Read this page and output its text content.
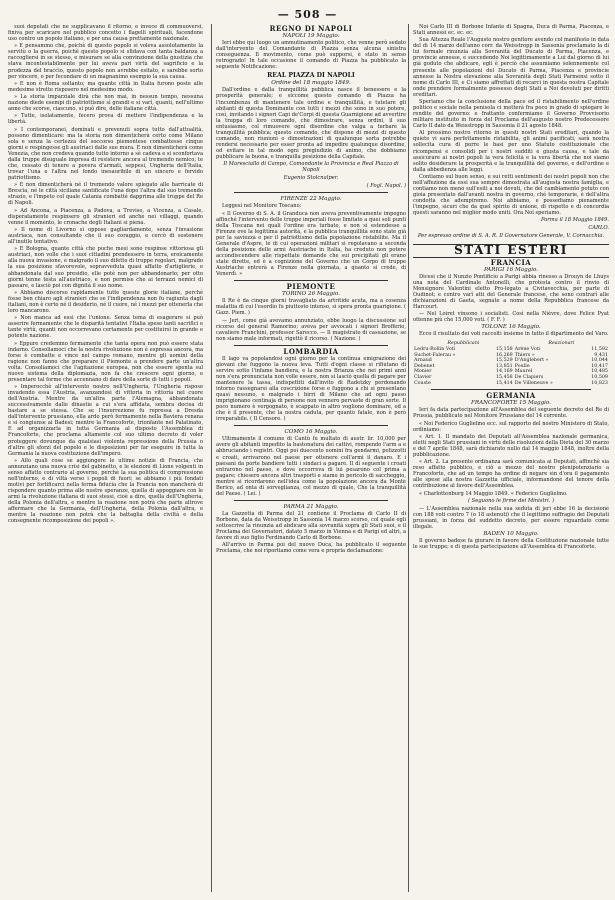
— 508 —

suoi deputati che ne supplicavano il ritorno, e invece di commuoversi, finiva per scaricare nel pubblico concetto i flagelli spirituali, facendone uso contro un popolo italiano, e per una causa prettamente nazionale.

» E pensammo che, poichè di questo popolo si voleva assolutamente la servitù o la guerra, poichè questo popolo si sfidava con tanta baldanza a raccogliersi in se stesso, e misurare se alla convinzione della giustizia che stava incontestabilmente per lui aveva pari virtù del sagrificio e la prodezza del braccio, questo popolo non avrebbe esitato, e sarebbe sorto per vincere, o per fecondare di un magnanimo esempio la sua causa.

» E non è Roma soltanto; ma quante città in Italia furono poste alle medesime strette risposero nel medesimo modo.

» La storia imparziale dirà che non mai, in nessun tempo, nessuna nazione diede esempi di patriottismo sì grandi e sì varî, quanti, nell'ultimo anno che scorse, ciascuno, si può dire, delle italiane città.

» Tutte, isolatamente, fecero prova di mettere l'indipendenza e la libertà.

» I contemporanei, dominati e prevenuti sopra tutto dall'attualità, possono dimenticare: ma la storia non dimenticherà certo come Milano sola e senza la certezza del soccorso piemontese combattesse cinque giorni e respingesse gli austriaci dalle sue mura. E non dimenticherà come Venezia, che non credeva quando tutto intorno a sè cadeva e si sconfortava dalla truppe disuguale impresa di resistere ancora al tremendo nemico; te che, cessato di tenere a povera d'armati, seppesi, Ungheria dell'Italia, trovar l'una e l'altra nel fondo inesauribile di un sincero e fervido patriottismo.

» E non dimenticherà né il tremendo valore spiegato alle barricate di Brescia, né le città siciliane santificate l'una dopo l'altra dal suo tremendo strazio, e l'impeto col quale Catania combatté dapprima alle truppe del Re di Napoli.

» Ad Ancona, a Piacenza, a Padova, a Treviso, a Vicenza, a Casale, disperatamente respinsero gli stranieri ed anche nei villaggi, quando venne il momento, le cronache degli Italiani si piena.

» Il nome di Livorno si oppose gagliardamente, senza l'invasione austriaca, non consultando che il suo coraggio, e cercò di sostenere all'inutile tentativo.

» E Bologna, quante città che poche mesi sono respinse vittoriosa gli austriaci, non volle che i suoi cittadini prendessero in terra, eroicamente alla nuova invasione, e malgrado il suo difetto di truppe regolari, malgrado la sua posizione sfavorevole, sopravveduta quasi affatto d'artiglierie, e abbandonata dal suo presidio, elle potè non per abbandonarlo; per otto giorni tenne testa all'austriaco, e non permise che ai terrazzi nemici di passare, e lasciò poi con dignità il suo nome.

» Abbiamo discorso rapidamente tutte queste glorie italiane, perché fosse ben chiaro agli stranieri che se l'indipendenza non fu ragiunta dagli italiani, non è certo né il desiderio, né il cuore, né i mezzi per ottenerla che loro mancarono.

» Non manca ad essi che l'unione. Senza tema di esagerare si può asserire fermamente che le disparità tentativi l'Italia spese tanti sacrifici e tante virtù, quanti non occorrevano certamente per costituirsi in grande e potente nazione.

» Eppure credemmo fermamente che tanta opera non può essere stata indarno. Consoliamoci che la nostra rivoluzione non è espressa ancora, ma forse è combatte e vince nel campo romano, mentre gli uomini della ragione non fanno che preparare il Piemonte a prendere parte un'altra volta. Consoliamoci che l'agitazione europea, non che essere spenta sul nuovo sistema della diplomazia, non fa che crescere ogni giorno, e presentare tal forme che accennano di dare della sorte di tutti i popoli.

» Imperocchè all'intervento nostro nell'Ungheria, l'Ungheria rispose invadendo essa l'Austria, avanzandosi di vittoria in vittoria nel cuore dell'Austria. Mentre da un'altra parte l'Alemagna, abbandonata successivamente dalle dinastie a cui s'era affidata, sembra decisa di bastare a se stessa. Che se l'insurrezione fu repressa a Dresda dall'intervento prussiano, ella ardo però fermamente nella Baviera renana e si congiunse ai Badesi; mentre la Francoforte, trionfante nel Palatinato, E ad organizzarla in tutta Germania al disposto l'Assemblea di Francoforte, che proclama altamente col suo ultimo decreto di voler proteggere dovunque da qualsiasi violenta repressione della Prussia o d'altre gli sforzi del popolo e le disposizioni per far eseguire in tutta la Germania la nuova costituzione dell'impero.

» Allo quali cose se aggiungere le ultime notizie di Francia, che annunziano una nuova crisi del gabinetto, e le elezioni di Lione volgenti in senso affatto contrario al governo, perchè la sua politica di compressione nell'interno, e di viltà verso i popoli di fuori; se abbiamo i più fondati motivi per fortificarci nella ferma fiducia che la Francia non mancherà di rispondere quanto prima alle nostre speranze, quella di appoggiare con le armi la rivoluzione italiana di suoi stessi, cioè a dire, quella dell'Ungheria, della Polonia dell'altra, e mentre la reazione non potrà che parte altrove affermare che la Germania, dell'Ungheria, della Polonia dall'altra, e mentre la reazione non potrà che la battaglia della civiltà e della consegnente ricomposizione dei popoli ».

REGNO DI NAPOLI
NAPOLI 19 Maggio.

Ieri ebbe qui luogo un ammutinamento politico, che venne però sedato dall'intervento del Comandante di Piazza senza alcuna sinistra conseguenza. Il movimento, come può supporsi, è stato in senso retrogrado! In tale occasione il comando di Piazza ha pubblicato la seguente Notificazione:

REAL PIAZZA DI NAPOLI
Ordine del 18 maggio 1849.

Dall'ordine e dalla tranquillità pubblica nasce il benessere e la prosperità generale; e siccome questo comando di Piazza ha l'incumbenza di mantenere tale ordine e tranquillità, e tutelare gli abitanti di questa Dominante con tutti i mezzi che sono in suo potere, così, invitando i signori Capi de'Corpi di questa Guarnigione ad avvertire la truppa di loro comando, che dimostrare, senza ordini, il suo entusiasmo, col rimuovere ogni disordine che valga a turbare la tranquillità pubblica; questo comando, che dispone di mezzi di questo comando, non riunioni o dimostrazioni di qualunque sorta potrebbe rendersi necessario per esser pronta ad impedire qualunque disordine, od evitare in tal modo ogni pregiudizio di animo, che dobbiamo pubblicare la buona, e tranquilla posizione della Capitale.

Il Maresciallo di Campo, Comandante la Provincia e Real Piazza di Napoli
Eugenio Stolcnalper.
( Fogl. Napol. )
FIRENZE 22 Maggio.

Leggesi nel Monitore Toscano:

« Il Governo di S. A. il Granduca non aveva preventivamente impegno affinché l'intervento delle truppe imperiali fosse limitato a quei soli punti della Toscana nei quali l'ordine era turbato, e non si estendesse a Firenze ove la legittima autorità, e la pubblica tranquillità sono state già per la saviezza e per il patriottismo della popolazione ristabilite. Ma il Generale d'Aspre, le di cui operazioni militari si regolavano a seconda della posizione delle armi Austriache in Italia, ha creduto non potere accondiscendere alle rispettate domande che sui precipitati gli erano state dirette, ed è a cognizione del Governo che un Corpo di truppe Austriache entrerà a Firenze nella giornata, a quanto si crede, di Venerdì. »

PIEMONTE
TORINO 26 Maggio.

Il Re è da cinque giorni travagliato da artritide acuta, ma a cosenza malattia di cui l'esordio fu piuttosto intenso, si spera pronta guarigione. ( Gazz. Piem. )

— Jeri, come già avevamo annunziato, ebbe luogo la discussione sul ricorso del general Ramorino; aveva per avvocati i signori Brofferio, cavaliere Franchini, professor Sarecco. — Il magistrato di cassazione, se non siamo male informati, rigettò il ricorso. ( Nazione. )

LOMBARDIA

Il lago va popolandosi ogni giorno per la continua emigrazione dei giovani che fuggono la nuova leva. Tutti d'ogni classe si rifiutano di servire sotto l'infame bandiera, e la nostra Brianza che nei primi anni non s'era pronunciata non volle essere, non si lasciò quella di pagare per mantenere la tassa, indispettiti dall'invito di Radetzky perdonando intorno rassegnarsi alla coscrizione forse e fuggono a chi si presentano quasi nessuno, e malgrado i birri di Milano che ad ogni passo imprigionano centinaja di persone non vennero pervaste di gran sorte. Il poco numero è vergognato, è scappato in altro vogliono dominare, od a che è il presente, che la nostra caduta, per quanto fatale, non è però irreparabile. ( Il Censore. )

COMO 16 Maggio.

Ultimamente il comune di Cantù fu multato di austr. lir. 10,000 per avere gli abitanti impedito la bastonatura dei cattivi, rompendo l'arm a e abbruciando i registri. Oggi poi duecento uomini fra gendarmi, polizzotti e croati, arrivarono nel paese per ottenere coll'armi il danaro. E i paesani da porte bandiere tutti i sindaci a pagare. Il dì seguente i croati entrarono nel paese, e dove occorreva di lui pesarono col prima a pagare; chiesero ancora altri trasporti e siamo in pericolo di saccheggio, mentre si ricordarono nell'idea come la popolazione ancora da Monte Berico, ad onta di sorveglianza, col mezzo di quale, Che la tranquillità del Paese. ( Lei. )

PARMA 21 Maggio.

La Gazzetta di Parma del 21 contiene il Proclama di Carlo II di Borbone, data da Weisstropp in Sassonia 14 marzo scorso, col quale egli sottoscrive la rinunzia ad abdicare alla sovranità sopra gli Stati suoi, e il Proclama dei Governatori, datato 5 marzo in Vienna e di Parigi ed altri, a favore di suo figlio Ferdinando Carlo di Borbone.

All'arrivo in Parma poi del nuovo Duca, ha pubblicato il seguente Proclama, che noi riportiamo come vera e propria declamazione:

Noi Carlo III di Borbone Infante di Spagna, Duca di Parma, Piacenza, e Stati annessi ec. ec. ec.

Sua Altezza Reale l'Augusto nostro genitore avendo col manifesto in data del di 14 marzo dell'anno corr. da Weisstropp in Sassonia proclamato la di lui formale rinunzia alla Sovranità del Ducato di Parma, Piacenza, e provincie annesse, e succedendo Noi legittimamente a Lui dal giorno di lui già goduto che abdicare, egli è perciò che assumiamo solennemente col presente alle popolazioni del Ducato di Parma, Piacenza e provincie annesse la Nostra elevazione alla Sovranità degli Stati Parmensi sotto il nome di Carlo III, e Ci siamo affrettati di recarci in questa nostra Capitale onde prendere formalmente possesso degli Stati a Noi devoluti per diritti ereditari.

Speriamo che la conclusione della pace ed il ristabilimento nell'ordine politico e sociale nella penisola ci metterà fra poco in grado di spiegare le rendite del governo: e frattanto confermiamo il Governo Provvisorio militare instituito in forza del Proclama dell'augusto nostro Predecessore Carlo II dato da Weisstropp in Sassonia il 21 agosto 1848.

Al prossimo nostro ritorno in questi nostri Stati ereditari, quando la quiete vi sarà perfettamente ristabilita, gli animi pacificati, sarà nostra sollecita cura di porre le basi per uno Statuto costituzionale che ricompensi e consolidi per i nostri sudditi e giusta causa, e tale da assicurare ai nostri popoli la vera felicità e la vera libertà che noi siamo solito desiderare la prosperità e la tranquillità del governo, e dell'ordine e dalla abbedienza alle leggi.

Contiamo sul buon senso, e sui retti sentimenti dei nostri popoli non che nell'affezione da essi sua sempre dimostrata all'augusta nostra famiglia, e contiamo non meno sull'esiti a noi dovuti, che del cambiamento potuto con gioia presentato dall'avanti nostra in governo, ché temporarie, è dell'altra condotta che adempiremo. Noi abbiamo, e possediamo pienamente l'impegno, sicuri che da quel spirito di unione, di rispetto e di concordia questi saranno nel miglior modo uniti. Ora Noi speriamo.

Parma il 18 Maggio 1849.
CARLO.
Per espresso ordine di S. A. R. Il Governatore Generale, V. Cornacchia.
STATI ESTERI
FRANCIA
PARIGI 16 Maggio.

Dicesi che il Nunzio Pontificio a Parigi abbia rinesso a Drouyn de Lhuys una nota del Cardinale Antonelli, che protesta contro il rinvio di Monsignore Valentini eletto Pro-legato a Civitavecchia, per parte di Oudinot; e contro varî atti del Generale francese, che sono contrarî alle dichiarazioni di Gaeta, segnate a nome della Repubblica francese da Harcourt.

— Nel Loiret vinsono i socialisti. Così nella Nièvre, dove Felice Pyat ottenne più che 15,000 voti. ( F. F. )

TOLONE 16 Maggio.

Ecco il risultato dei voti raccolti insieme in tutto il dipartimento del Varo.

Repubblicani		Reazionari	
Ledru-Rollin Voti	15,158	Arène Voti	11,592
Suchet-Falerau »	16,269	Thiers »	9,431
Arnaud	15,529	D'Anglebert »	10,044
Debenet	13,851	Poulle	10,417
Monier	14,169	Maurel	10,485
Clavier	15,458	De Clapiers	10,509
Couste	15,414	De Villeneuve »	10,823
GERMANIA
FRANCOFORTE 15 Maggio.

Ieri fa data partecipazione all'Assemblea del seguente decreto del Re di Prussia, pubblicato nel Monitore Prussiano del 14 corrente.

« Noi Federico Guglielmo ecc. sul rapporto del nostro Ministero di Stato, ordiniamo:

« Art. 1. Il mandato dei Deputati all'Assemblea nazionale germanica, eletti negli Stati prussiani in virtù delle risoluzioni della Dieta del 30 marzo e del 7 aprile 1848, sarà dichiarato nullo dal 14 maggio 1848, inoltre della pubblicazione.

« Art. 2. La presente ordinanza sarà comunicata ai Deputati, affinchè sia reso affatto pubblico, e ciò a mezzo del nostro plenipotenziario a Francoforte, che ad un tempo ha ordine di negare sin d'ora il pagamento alle spese alla nostra Gazzetta ufficiale, informandone del tenore della contribuzione al favore dell'Assemblea.

« Charlottenburg 14 Maggio 1849. « Federico Guglielmo.

( Seguono le firme dei Ministri. )

— L'Assemblea nazionale nella sua seduta di jeri ebbe 16 la decisione con 188 voti contro 7 (o 18 astenuti) che il legittimo suffragio dei Deputati prussiani, in forza del suddetto decreto, per essere riguardato come illegale.

BADEN 10 Maggio.

Il governo badese fa giurare in favore della Costituzione nazionale tutte le sue truppe; e di questa partecipazione all'Assemblea di Francoforte.
